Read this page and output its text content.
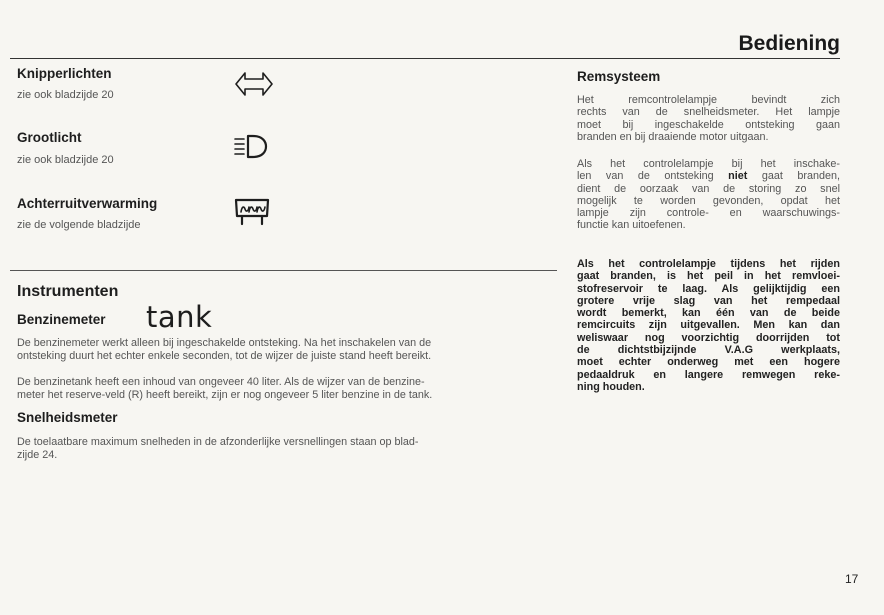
Bediening
Knipperlichten
zie ook bladzijde 20
Grootlicht
zie ook bladzijde 20
Achterruitverwarming
zie de volgende bladzijde
Instrumenten
Benzinemeter tank
De benzinemeter werkt alleen bij ingeschakelde ontsteking. Na het inschakelen van de
ontsteking duurt het echter enkele seconden, tot de wijzer de juiste stand heeft bereikt.
De benzinetank heeft een inhoud van ongeveer 40 liter. Als de wijzer van de benzine-
meter het reserve-veld (R) heeft bereikt, zijn er nog ongeveer 5 liter benzine in de tank.
Snelheidsmeter
De toelaatbare maximum snelheden in de afzonderlijke versnellingen staan op blad-
zijde 24.
Remsysteem
Het remcontrolelampje bevindt zich
rechts van de snelheidsmeter. Het lampje
moet bij ingeschakelde ontsteking gaan
branden en bij draaiende motor uitgaan.
Als het controlelampje bij het inschake-
len van de ontsteking niet gaat branden,
dient de oorzaak van de storing zo snel
mogelijk te worden gevonden, opdat het
lampje zijn controle- en waarschuwings-
functie kan uitoefenen.
Als het controlelampje tijdens het rijden
gaat branden, is het peil in het remvloei-
stofreservoir te laag. Als gelijktijdig een
grotere vrije slag van het rempedaal
wordt bemerkt, kan één van de beide
remcircuits zijn uitgevallen. Men kan dan
weliswaar nog voorzichtig doorrijden tot
de dichtstbijzijnde V.A.G werkplaats,
moet echter onderweg met een hogere
pedaaldruk en langere remwegen reke-
ning houden.
17
